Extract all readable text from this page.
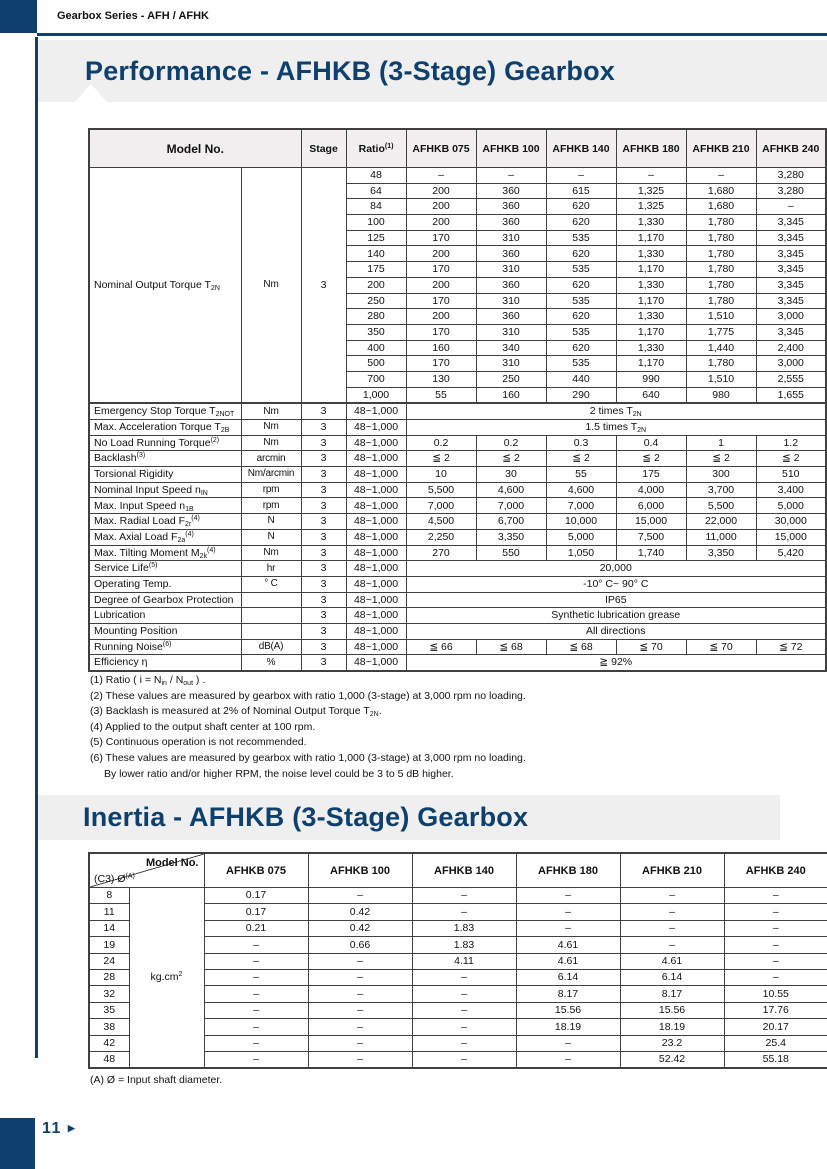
Gearbox Series - AFH / AFHK
Performance - AFHKB (3-Stage) Gearbox
Model No.		Stage	Ratio$^{(1)}$	AFHKB 075	AFHKB 100	AFHKB 140	AFHKB 180	AFHKB 210	AFHKB 240
Nominal Output Torque $T_{2N}$	Nm	3	48	–	–	–	–	–	3,280
			64	200	360	615	1,325	1,680	3,280
			84	200	360	620	1,325	1,680	–
			100	200	360	620	1,330	1,780	3,345
			125	170	310	535	1,170	1,780	3,345
			140	200	360	620	1,330	1,780	3,345
			175	170	310	535	1,170	1,780	3,345
			200	200	360	620	1,330	1,780	3,345
			250	170	310	535	1,170	1,780	3,345
			280	200	360	620	1,330	1,510	3,000
			350	170	310	535	1,170	1,775	3,345
			400	160	340	620	1,330	1,440	2,400
			500	170	310	535	1,170	1,780	3,000
			700	130	250	440	990	1,510	2,555
			1,000	55	160	290	640	980	1,655
Emergency Stop Torque $T_{2NOT}$	Nm	3	48~1,000	2 times $T_{2N}$
Max. Acceleration Torque $T_{2B}$	Nm	3	48~1,000	1.5 times $T_{2N}$
No Load Running Torque$^{(2)}$	Nm	3	48~1,000	0.2	0.2	0.3	0.4	1	1.2
Backlash$^{(3)}$	arcmin	3	48~1,000	≦ 2	≦ 2	≦ 2	≦ 2	≦ 2	≦ 2
Torsional Rigidity	Nm/arcmin	3	48~1,000	10	30	55	175	300	510
Nominal Input Speed $n_{IN}$	rpm	3	48~1,000	5,500	4,600	4,600	4,000	3,700	3,400
Max. Input Speed $n_{1B}$	rpm	3	48~1,000	7,000	7,000	7,000	6,000	5,500	5,000
Max. Radial Load $F_{2r}^{(4)}$	N	3	48~1,000	4,500	6,700	10,000	15,000	22,000	30,000
Max. Axial Load $F_{2a}^{(4)}$	N	3	48~1,000	2,250	3,350	5,000	7,500	11,000	15,000
Max. Tilting Moment $M_{2k}^{(4)}$	Nm	3	48~1,000	270	550	1,050	1,740	3,350	5,420
Service Life$^{(5)}$	hr	3	48~1,000	20,000					
Operating Temp.	° C	3	48~1,000	-10° C~ 90° C					
Degree of Gearbox Protection		3	48~1,000	IP65					
Lubrication		3	48~1,000	Synthetic lubrication grease					
Mounting Position		3	48~1,000	All directions					
Running Noise$^{(6)}$	dB(A)	3	48~1,000	≦ 66	≦ 68	≦ 68	≦ 70	≦ 70	≦ 72
Efficiency η	%	3	48~1,000	≧ 92%					
(1) Ratio ( $i = N_{in} / N_{out}$ ) .
(2) These values are measured by gearbox with ratio 1,000 (3-stage) at 3,000 rpm no loading.
(3) Backlash is measured at 2% of Nominal Output Torque $T_{2N}$.
(4) Applied to the output shaft center at 100 rpm.
(5) Continuous operation is not recommended.
(6) These values are measured by gearbox with ratio 1,000 (3-stage) at 3,000 rpm no loading.
By lower ratio and/or higher RPM, the noise level could be 3 to 5 dB higher.
Inertia - AFHKB (3-Stage) Gearbox
Model No.
(C3) $Ø^{(A)}$		AFHKB 075	AFHKB 100	AFHKB 140	AFHKB 180	AFHKB 210	AFHKB 240
8	$kg.cm^2$	0.17	–	–	–	–	–
11		0.17	0.42	–	–	–	–
14		0.21	0.42	1.83	–	–	–
19		–	0.66	1.83	4.61	–	–
24		–	–	4.11	4.61	4.61	–
28		–	–	–	6.14	6.14	–
32		–	–	–	8.17	8.17	10.55
35		–	–	–	15.56	15.56	17.76
38		–	–	–	18.19	18.19	20.17
42		–	–	–	–	23.2	25.4
48		–	–	–	–	52.42	55.18
(A) Ø = Input shaft diameter.
11 ▶
